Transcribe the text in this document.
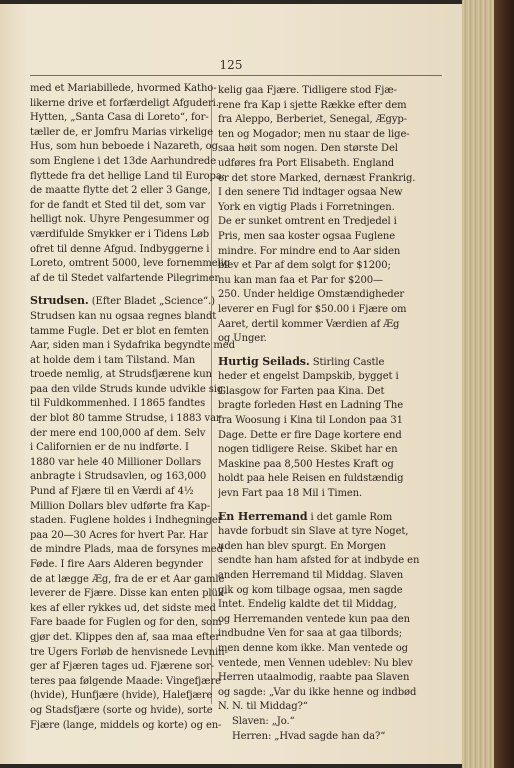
125
med et Mariabillede, hvormed Katho-
likerne drive et forfærdeligt Afguderi.
Hytten, „Santa Casa di Loreto“, for-
tæller de, er Jomfru Marias virkelige
Hus, som hun beboede i Nazareth, og
som Englene i det 13de Aarhundrede
flyttede fra det hellige Land til Europa;
de maatte flytte det 2 eller 3 Gange,
for de fandt et Sted til det, som var
helligt nok. Uhyre Pengesummer og
værdifulde Smykker er i Tidens Løb
ofret til denne Afgud. Indbyggerne i
Loreto, omtrent 5000, leve fornemmelig
af de til Stedet valfartende Pilegrimer.
Strudsen. (Efter Bladet „Science“.)
Strudsen kan nu ogsaa regnes blandt
tamme Fugle. Det er blot en femten
Aar, siden man i Sydafrika begyndte med
at holde dem i tam Tilstand. Man
troede nemlig, at Strudsfjærene kun
paa den vilde Struds kunde udvikle sig
til Fuldkommenhed. I 1865 fandtes
der blot 80 tamme Strudse, i 1883 var
der mere end 100,000 af dem. Selv
i Californien er de nu indførte. I
1880 var hele 40 Millioner Dollars
anbragte i Strudsavlen, og 163,000
Pund af Fjære til en Værdi af 4½
Million Dollars blev udførte fra Kap-
staden. Fuglene holdes i Indhegninger
paa 20—30 Acres for hvert Par. Har
de mindre Plads, maa de forsynes med
Føde. I fire Aars Alderen begynder
de at lægge Æg, fra de er et Aar gamle
leverer de Fjære. Disse kan enten plük-
kes af eller rykkes ud, det sidste med
Fare baade for Fuglen og for den, som
gjør det. Klippes den af, saa maa efter
tre Ugers Forløb de henvisnede Levnin-
ger af Fjæren tages ud. Fjærene sor-
teres paa følgende Maade: Vingefjære
(hvide), Hunfjære (hvide), Halefjære
og Stadsfjære (sorte og hvide), sorte
Fjære (lange, middels og korte) og en-
kelig gaa Fjære. Tidligere stod Fjæ-
rene fra Kap i sjette Række efter dem
fra Aleppo, Berberiet, Senegal, Ægyp-
ten og Mogador; men nu staar de lige-
saa høit som nogen. Den største Del
udføres fra Port Elisabeth. England
er det store Marked, dernæst Frankrig.
I den senere Tid indtager ogsaa New
York en vigtig Plads i Forretningen.
De er sunket omtrent en Tredjedel i
Pris, men saa koster ogsaa Fuglene
mindre. For mindre end to Aar siden
blev et Par af dem solgt for $1200;
nu kan man faa et Par for $200—
250. Under heldige Omstændigheder
leverer en Fugl for $50.00 i Fjære om
Aaret, dertil kommer Værdien af Æg
og Unger.
Hurtig Seilads. Stirling Castle
heder et engelst Dampskib, bygget i
Glasgow for Farten paa Kina. Det
bragte forleden Høst en Ladning The
fra Woosung i Kina til London paa 31
Dage. Dette er fire Dage kortere end
nogen tidligere Reise. Skibet har en
Maskine paa 8,500 Hestes Kraft og
holdt paa hele Reisen en fuldstændig
jevn Fart paa 18 Mil i Timen.
En Herremand i det gamle Rom
havde forbudt sin Slave at tyre Noget,
uden han blev spurgt. En Morgen
sendte han ham afsted for at indbyde en
anden Herremand til Middag. Slaven
gik og kom tilbage ogsaa, men sagde
Intet. Endelig kaldte det til Middag,
og Herremanden ventede kun paa den
indbudne Ven for saa at gaa tilbords;
men denne kom ikke. Man ventede og
ventede, men Vennen udeblev: Nu blev
Herren utaalmodig, raabte paa Slaven
og sagde: „Var du ikke henne og indbød
N. N. til Middag?“
Slaven: „Jo.“
Herren: „Hvad sagde han da?“
